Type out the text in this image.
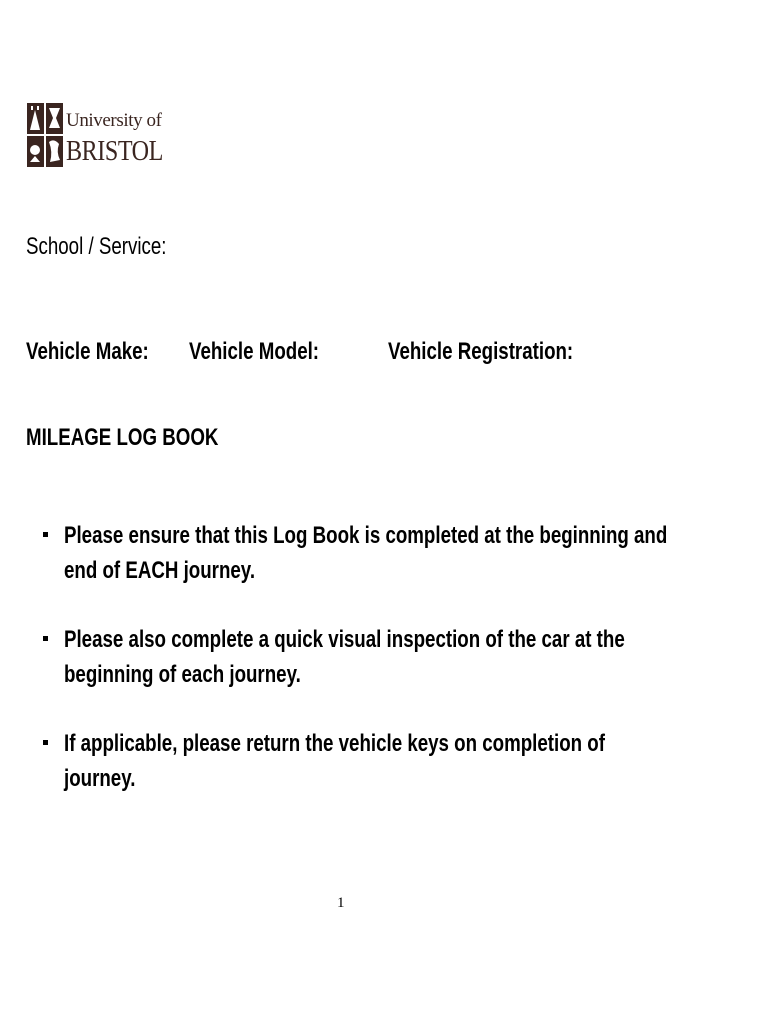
University of
BRISTOL
School / Service:
Vehicle Make:	Vehicle Model:	Vehicle Registration:
MILEAGE LOG BOOK
Please ensure that this Log Book is completed at the beginning and end of EACH journey.
Please also complete a quick visual inspection of the car at the beginning of each journey.
If applicable, please return the vehicle keys on completion of journey.
1
